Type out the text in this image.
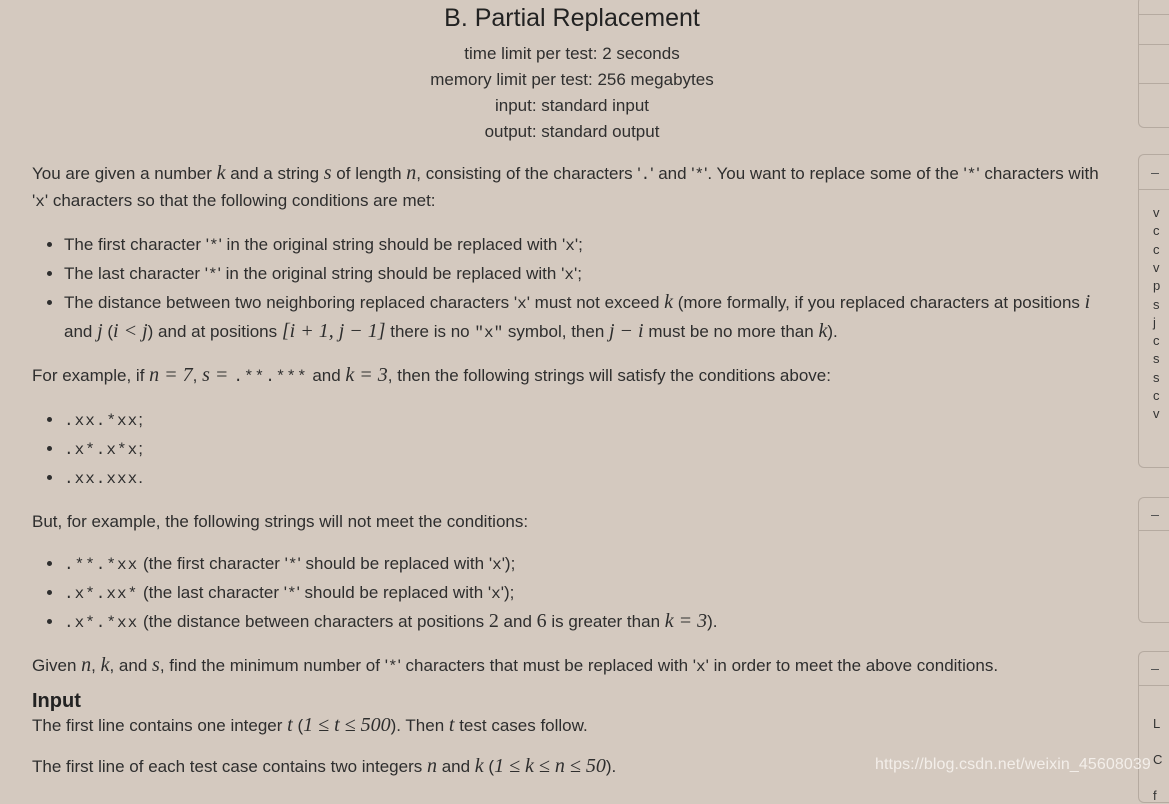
B. Partial Replacement
time limit per test: 2 seconds
memory limit per test: 256 megabytes
input: standard input
output: standard output

You are given a number k and a string s of length n, consisting of the characters '.' and '*'. You want to replace some of the '*' characters with 'x' characters so that the following conditions are met:

• The first character '*' in the original string should be replaced with 'x';
• The last character '*' in the original string should be replaced with 'x';
• The distance between two neighboring replaced characters 'x' must not exceed k (more formally, if you replaced characters at positions i and j (i < j) and at positions [i + 1, j − 1] there is no "x" symbol, then j − i must be no more than k).

For example, if n = 7, s = .**.*** and k = 3, then the following strings will satisfy the conditions above:

• .xx.*xx;
• .x*.x*x;
• .xx.xxx.

But, for example, the following strings will not meet the conditions:

• .**.*xx (the first character '*' should be replaced with 'x');
• .x*.xx* (the last character '*' should be replaced with 'x');
• .x*.*xx (the distance between characters at positions 2 and 6 is greater than k = 3).

Given n, k, and s, find the minimum number of '*' characters that must be replaced with 'x' in order to meet the above conditions.

Input

The first line contains one integer t (1 ≤ t ≤ 500). Then t test cases follow.

The first line of each test case contains two integers n and k (1 ≤ k ≤ n ≤ 50).

v
c
c
v
p
s
j
c
s
s
c
v
L
C
f
https://blog.csdn.net/weixin_45608039
